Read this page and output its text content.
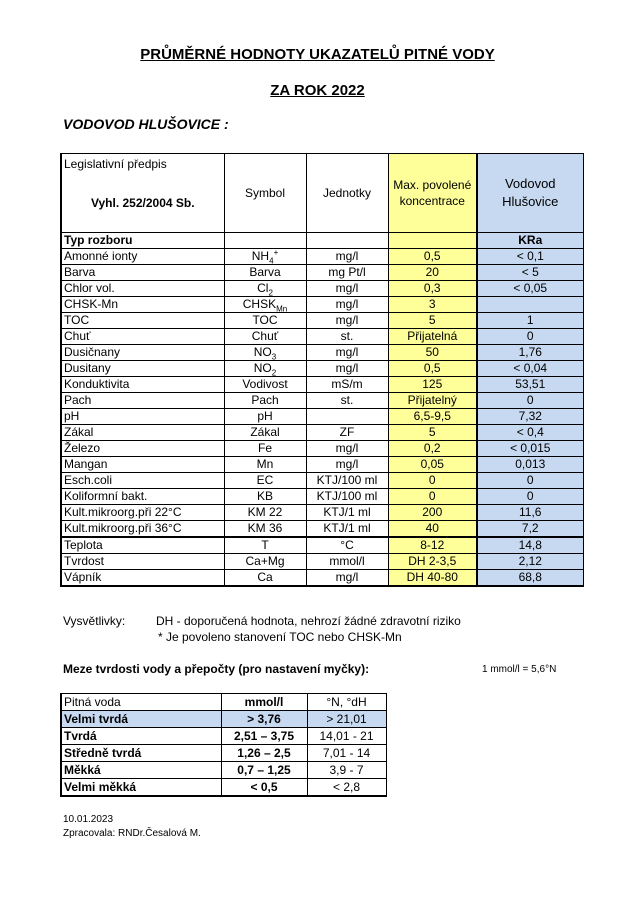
PRŮMĚRNÉ HODNOTY UKAZATELŮ PITNÉ VODY
ZA ROK 2022
VODOVOD HLUŠOVICE :
Legislativní předpis	Symbol	Jednotky	Max. povolené koncentrace	Vodovod Hlušovice
Vyhl. 252/2004 Sb.				
Typ rozboru				KRa
Amonné ionty	$NH_4^+$	mg/l	0,5	< 0,1
Barva	Barva	mg Pt/l	20	< 5
Chlor vol.	$Cl_2$	mg/l	0,3	< 0,05
CHSK-Mn	$CHSK_{Mn}$	mg/l	3	
TOC	TOC	mg/l	5	1
Chuť	Chuť	st.	Přijatelná	0
Dusičnany	$NO_3$	mg/l	50	1,76
Dusitany	$NO_2$	mg/l	0,5	< 0,04
Konduktivita	Vodivost	mS/m	125	53,51
Pach	Pach	st.	Přijatelný	0
pH	pH		6,5-9,5	7,32
Zákal	Zákal	ZF	5	< 0,4
Železo	Fe	mg/l	0,2	< 0,015
Mangan	Mn	mg/l	0,05	0,013
Esch.coli	EC	KTJ/100 ml	0	0
Koliformní bakt.	KB	KTJ/100 ml	0	0
Kult.mikroorg.při 22°C	KM 22	KTJ/1 ml	200	11,6
Kult.mikroorg.při 36°C	KM 36	KTJ/1 ml	40	7,2
Teplota	T	°C	8-12	14,8
Tvrdost	Ca+Mg	mmol/l	DH 2-3,5	2,12
Vápník	Ca	mg/l	DH 40-80	68,8
Vysvětlivky:	DH - doporučená hodnota, nehrozí žádné zdravotní riziko
* Je povoleno stanovení TOC nebo CHSK-Mn
Meze tvrdosti vody a přepočty (pro nastavení myčky):	1 mmol/l = 5,6°N
Pitná voda	mmol/l	°N, °dH
Velmi tvrdá	> 3,76	> 21,01
Tvrdá	2,51 – 3,75	14,01 - 21
Středně tvrdá	1,26 – 2,5	7,01 - 14
Měkká	0,7 – 1,25	3,9 - 7
Velmi měkká	< 0,5	< 2,8
10.01.2023
Zpracovala: RNDr.Česalová M.
